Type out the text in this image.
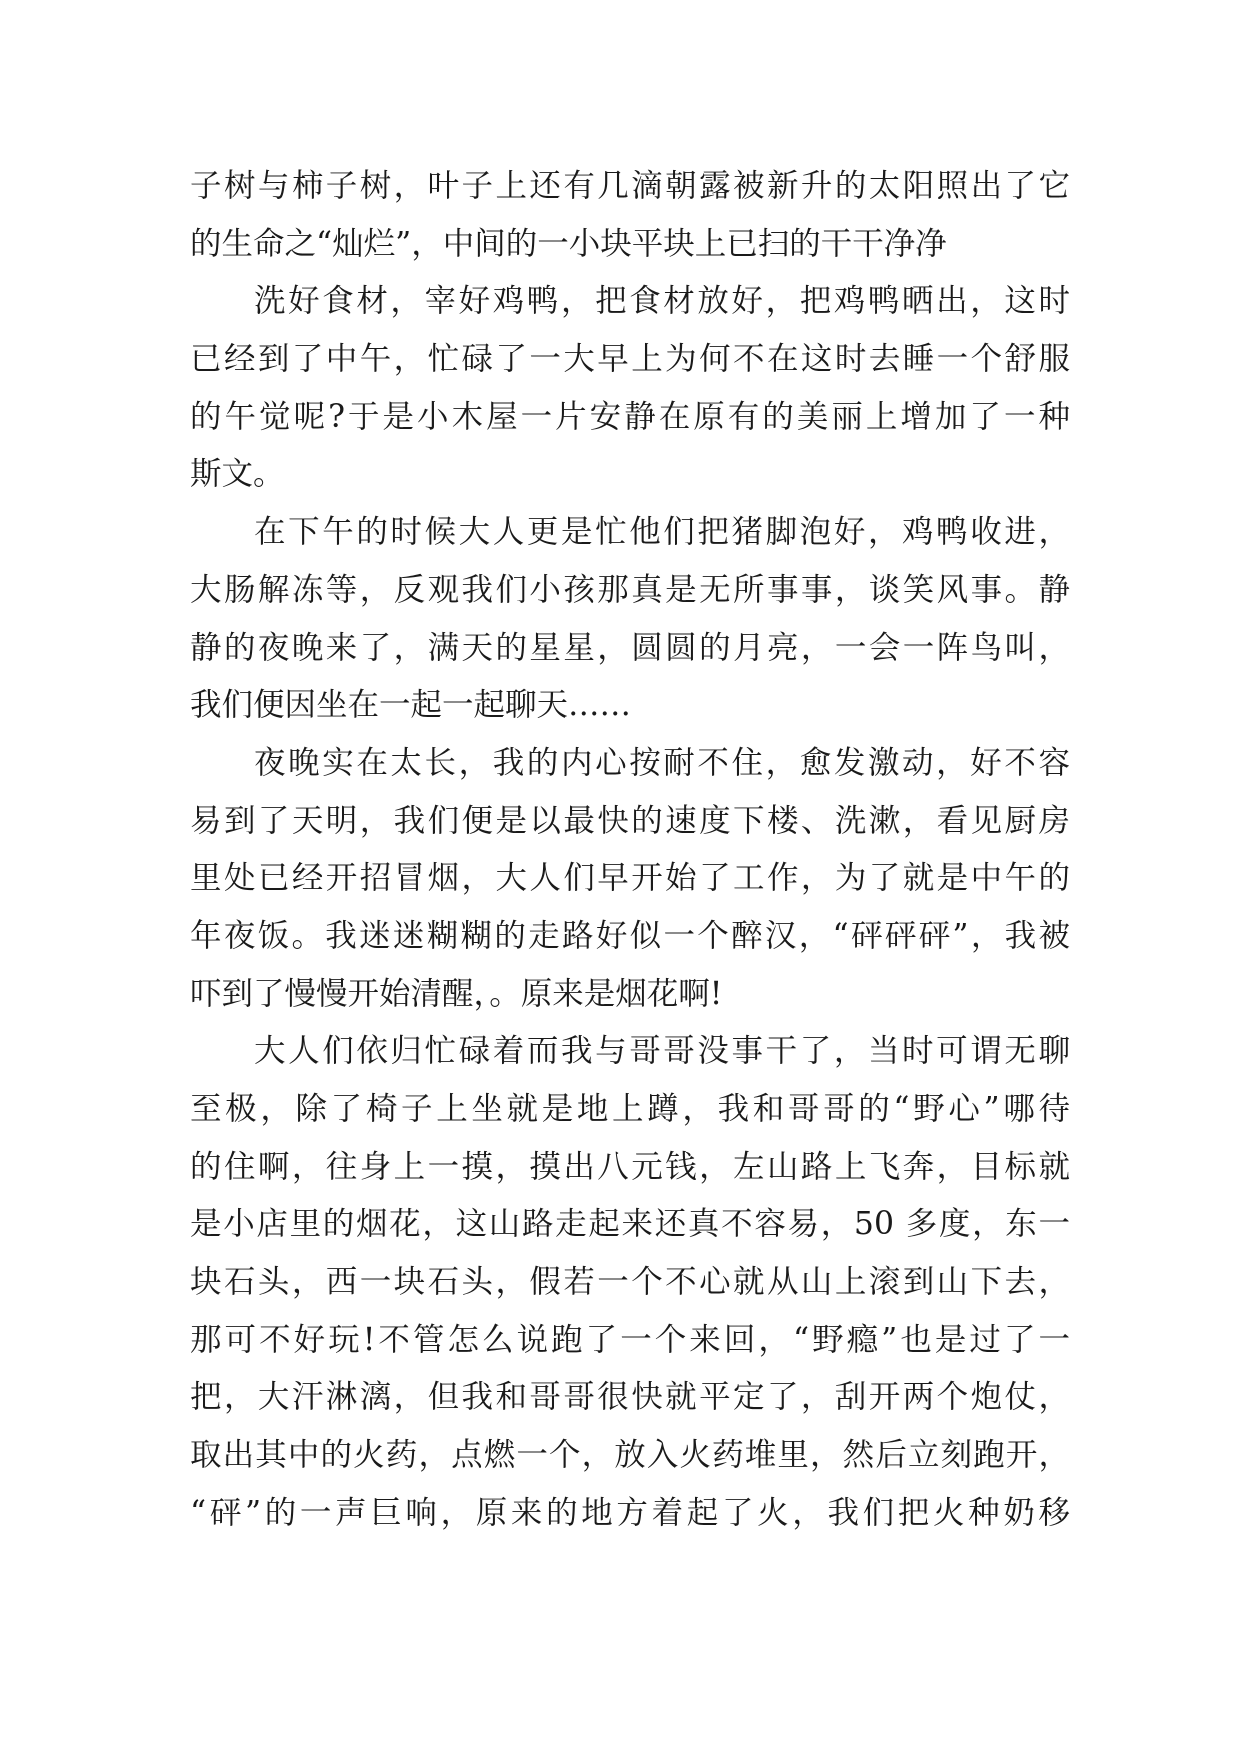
子树与柿子树，叶子上还有几滴朝露被新升的太阳照出了它
的生命之“灿烂”，中间的一小块平块上已扫的干干净净
洗好食材，宰好鸡鸭，把食材放好，把鸡鸭晒出，这时
已经到了中午，忙碌了一大早上为何不在这时去睡一个舒服
的午觉呢?于是小木屋一片安静在原有的美丽上增加了一种
斯文。
在下午的时候大人更是忙他们把猪脚泡好，鸡鸭收进，
大肠解冻等，反观我们小孩那真是无所事事，谈笑风事。静
静的夜晚来了，满天的星星，圆圆的月亮，一会一阵鸟叫，
我们便因坐在一起一起聊天……
夜晚实在太长，我的内心按耐不住，愈发激动，好不容
易到了天明，我们便是以最快的速度下楼、洗漱，看见厨房
里处已经开招冒烟，大人们早开始了工作，为了就是中午的
年夜饭。我迷迷糊糊的走路好似一个醉汉，“砰砰砰”，我被
吓到了慢慢开始清醒，。原来是烟花啊!
大人们依归忙碌着而我与哥哥没事干了，当时可谓无聊
至极，除了椅子上坐就是地上蹲，我和哥哥的“野心”哪待
的住啊，往身上一摸，摸出八元钱，左山路上飞奔，目标就
是小店里的烟花，这山路走起来还真不容易，50 多度，东一
块石头，西一块石头，假若一个不心就从山上滚到山下去，
那可不好玩!不管怎么说跑了一个来回，“野瘾”也是过了一
把，大汗淋漓，但我和哥哥很快就平定了，刮开两个炮仗，
取出其中的火药，点燃一个，放入火药堆里，然后立刻跑开，
“砰”的一声巨响，原来的地方着起了火，我们把火种奶移
